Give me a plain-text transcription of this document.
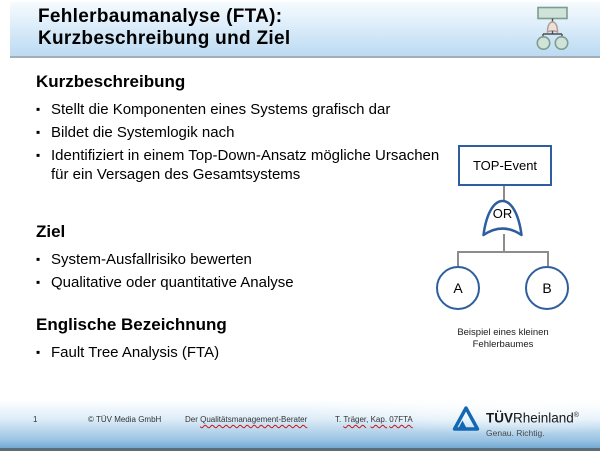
Fehlerbaumanalyse (FTA):
Kurzbeschreibung und Ziel
Kurzbeschreibung
▪ Stellt die Komponenten eines Systems grafisch dar
▪ Bildet die Systemlogik nach
▪ Identifiziert in einem Top-Down-Ansatz mögliche Ursachen für ein Versagen des Gesamtsystems
Ziel
▪ System-Ausfallrisiko bewerten
▪ Qualitative oder quantitative Analyse
Englische Bezeichnung
▪ Fault Tree Analysis (FTA)
TOP-Event
OR
A	B
Beispiel eines kleinen
Fehlerbaumes
1	© TÜV Media GmbH	Der Qualitätsmanagement-Berater	T. Träger, Kap. 07FTA	TÜVRheinland®
Genau. Richtig.
